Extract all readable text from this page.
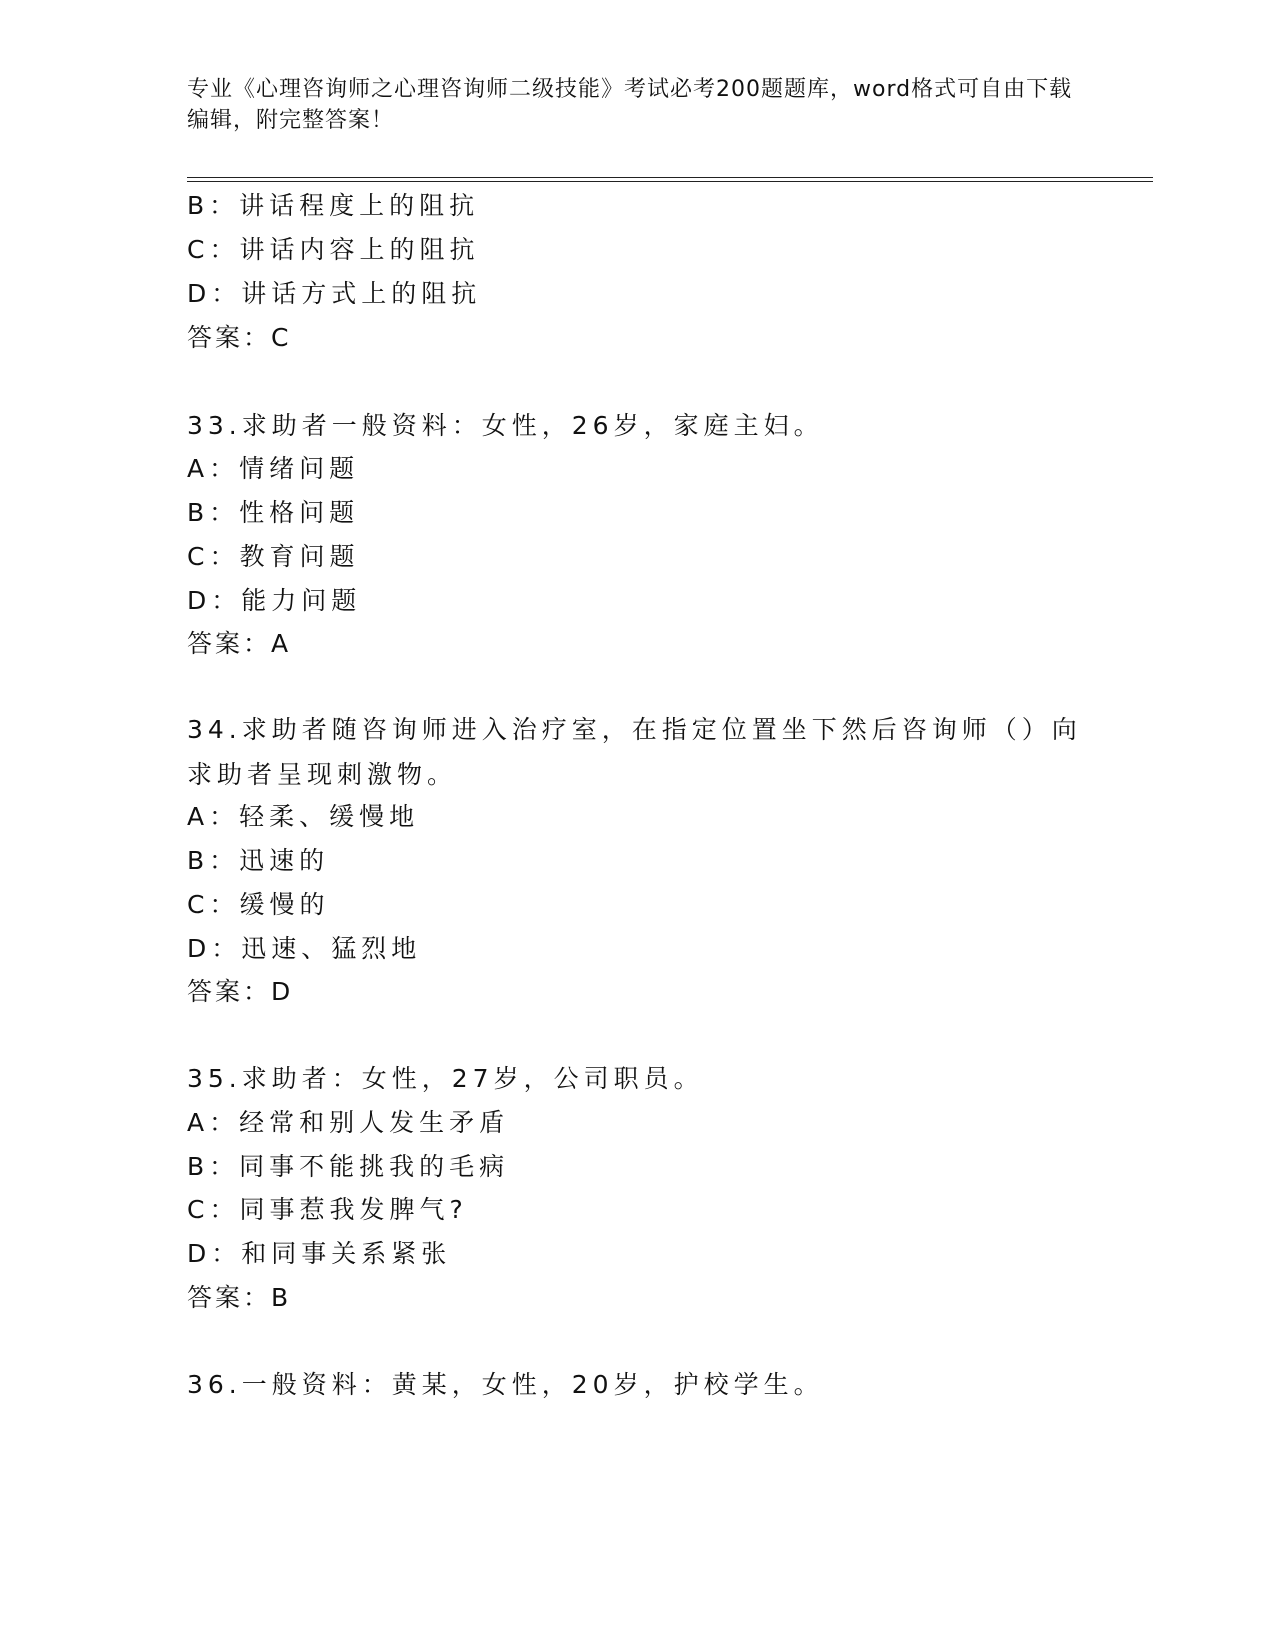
专业《心理咨询师之心理咨询师二级技能》考试必考200题题库，word格式可自由下载编辑，附完整答案！
B：讲话程度上的阻抗
C：讲话内容上的阻抗
D：讲话方式上的阻抗
答案：C
33.求助者一般资料：女性，26岁，家庭主妇。
A：情绪问题
B：性格问题
C：教育问题
D：能力问题
答案：A
34.求助者随咨询师进入治疗室，在指定位置坐下然后咨询师（）向求助者呈现刺激物。
A：轻柔、缓慢地
B：迅速的
C：缓慢的
D：迅速、猛烈地
答案：D
35.求助者：女性，27岁，公司职员。
A：经常和别人发生矛盾
B：同事不能挑我的毛病
C：同事惹我发脾气?
D：和同事关系紧张
答案：B
36.一般资料：黄某，女性，20岁，护校学生。
